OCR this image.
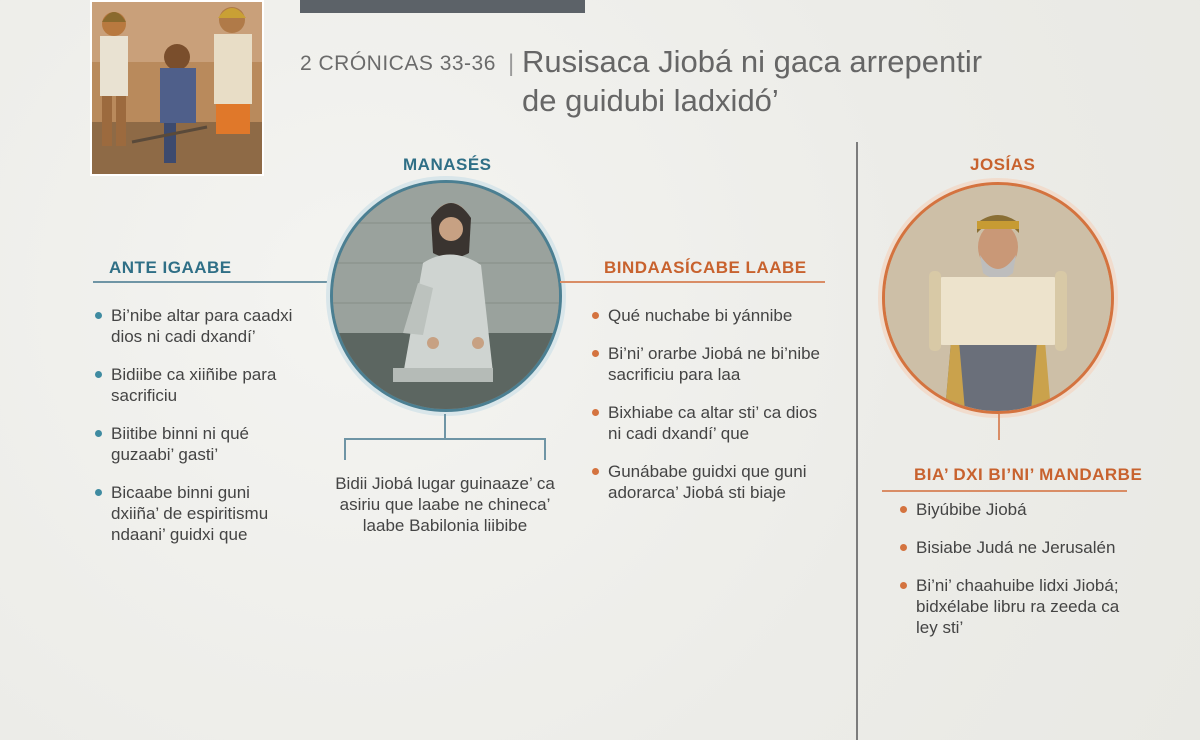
2 CRÓNICAS 33-36 | Rusisaca Jiobá ni gaca arrepentir
de guidubi ladxidó’
MANASÉS
ANTE IGAABE
Bi’nibe altar para caadxi dios ni cadi dxandí’
Bidiibe ca xiiñibe para sacrificiu
Biitibe binni ni qué guzaabi’ gasti’
Bicaabe binni guni dxiiña’ de espiritismu ndaani’ guidxi que
BINDAASÍCABE LAABE
Qué nuchabe bi yánnibe
Bi’ni’ orarbe Jiobá ne bi’nibe sacrificiu para laa
Bixhiabe ca altar sti’ ca dios ni cadi dxandí’ que
Gunábabe guidxi que guni adorarca’ Jiobá sti biaje
Bidii Jiobá lugar guinaaze’ ca asiriu que laabe ne chineca’ laabe Babilonia liibibe
JOSÍAS
BIA’ DXI BI’NI’ MANDARBE
Biyúbibe Jiobá
Bisiabe Judá ne Jerusalén
Bi’ni’ chaahuibe lidxi Jiobá; bidxélabe libru ra zeeda ca ley sti’
